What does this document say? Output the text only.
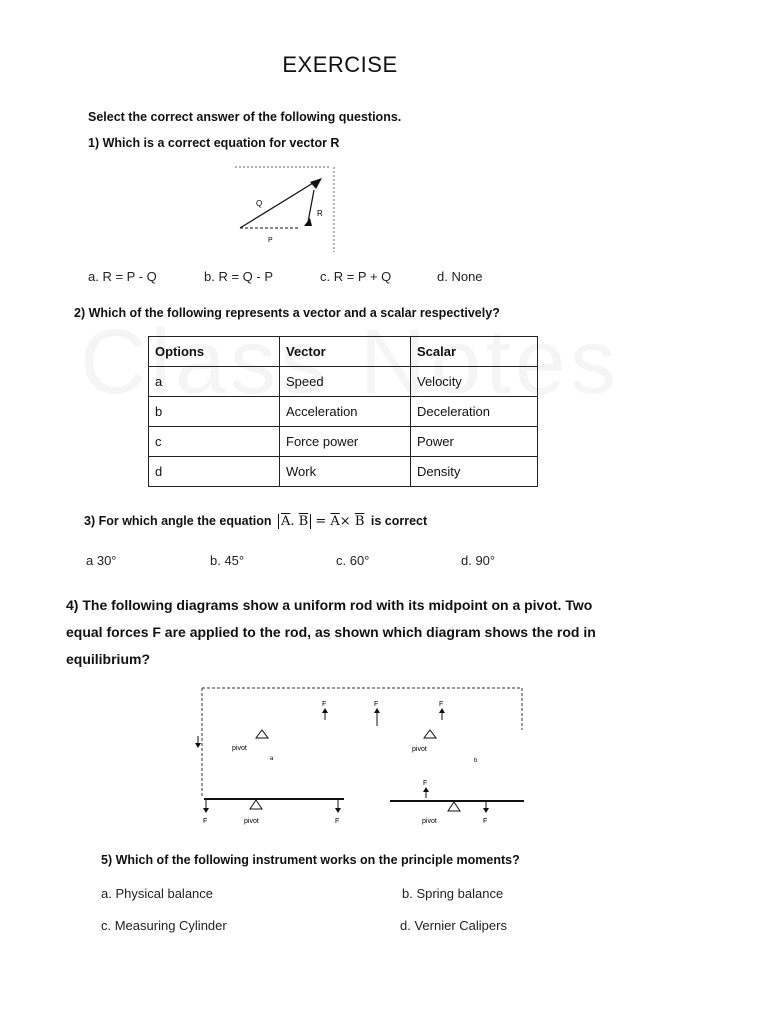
EXERCISE
Select the correct answer of the following questions.
1) Which is a correct equation for vector R
Q
R
P
a. R = P - Q	b. R = Q - P	c. R = P + Q	d. None
2) Which of the following represents a vector and a scalar respectively?
Options	Vector	Scalar
a	Speed	Velocity
b	Acceleration	Deceleration
c	Force power	Power
d	Work	Density
3) For which angle the equation $\overline{A}$. $\overline{B} = \overline{A}\times \overline{B}$ is correct
a 30°	b. 45°	c. 60°	d. 90°
4) The following diagrams show a uniform rod with its midpoint on a pivot. Two
equal forces F are applied to the rod, as shown which diagram shows the rod in
equilibrium?
F	F	F
pivot
a
pivot
b
F	F
pivot
F
F
pivot
5) Which of the following instrument works on the principle moments?
a. Physical balance	b. Spring balance
c. Measuring Cylinder	d. Vernier Calipers
